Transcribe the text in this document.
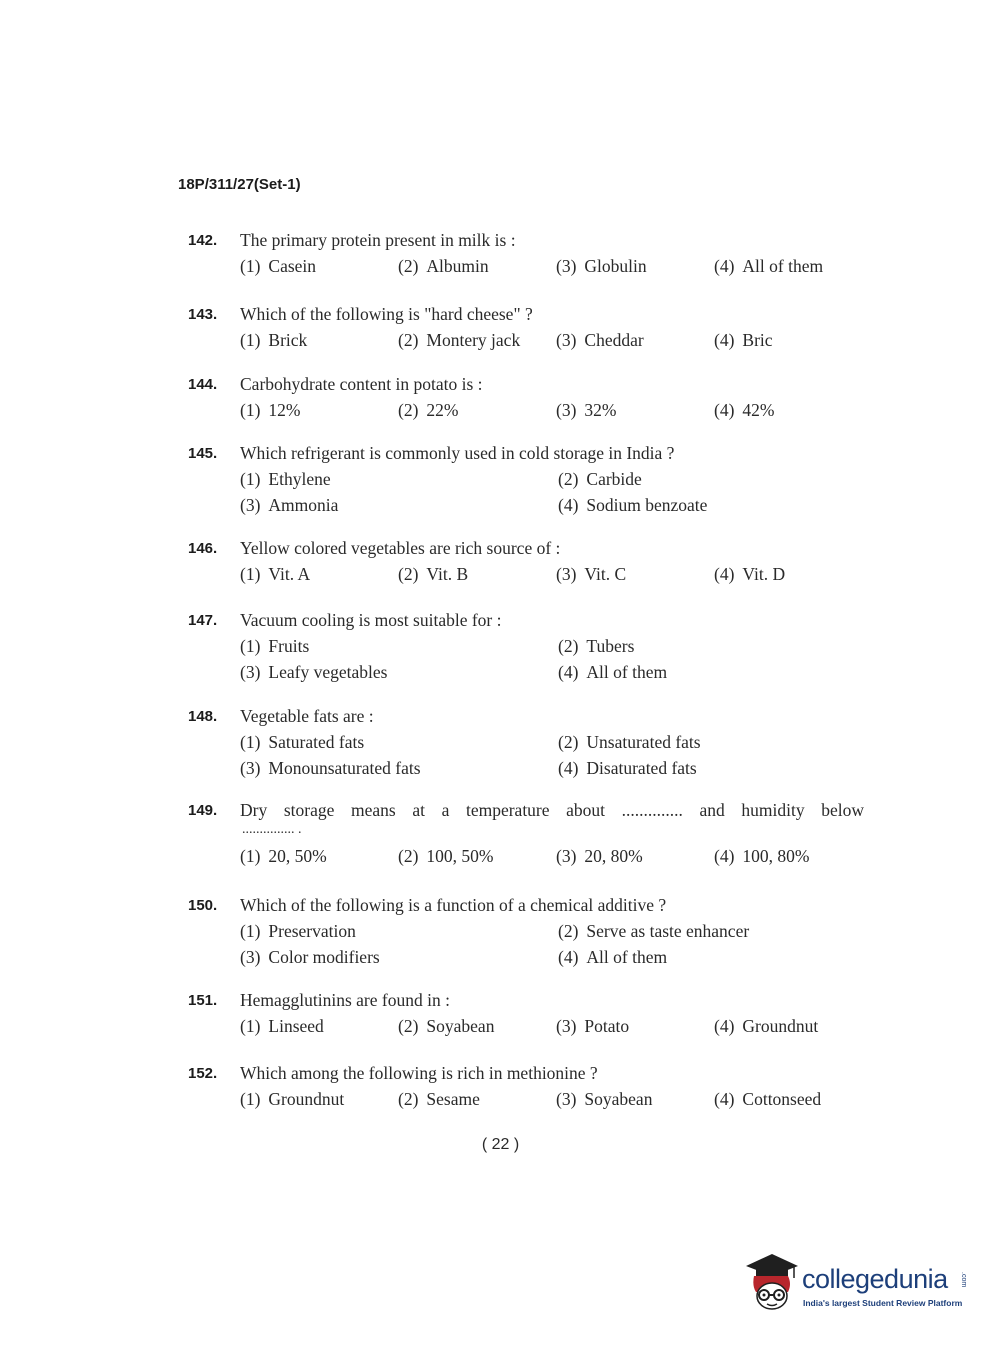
18P/311/27(Set-1)
142. The primary protein present in milk is :
(1) Casein	(2) Albumin	(3) Globulin	(4) All of them
143. Which of the following is "hard cheese" ?
(1) Brick	(2) Montery jack (3) Cheddar	(4) Bric
144. Carbohydrate content in potato is :
(1) 12%	(2) 22%	(3) 32%	(4) 42%
145. Which refrigerant is commonly used in cold storage in India ?
(1) Ethylene	(2) Carbide
(3) Ammonia	(4) Sodium benzoate
146. Yellow colored vegetables are rich source of :
(1) Vit. A	(2) Vit. B	(3) Vit. C	(4) Vit. D
147. Vacuum cooling is most suitable for :
(1) Fruits	(2) Tubers
(3) Leafy vegetables	(4) All of them
148. Vegetable fats are :
(1) Saturated fats	(2) Unsaturated fats
(3) Monounsaturated fats	(4) Disaturated fats
149. Dry storage means at a temperature about .............. and humidity below
............... .
(1) 20, 50%	(2) 100, 50%	(3) 20, 80%	(4) 100, 80%
150. Which of the following is a function of a chemical additive ?
(1) Preservation	(2) Serve as taste enhancer
(3) Color modifiers	(4) All of them
151. Hemagglutinins are found in :
(1) Linseed	(2) Soyabean	(3) Potato	(4) Groundnut
152. Which among the following is rich in methionine ?
(1) Groundnut	(2) Sesame	(3) Soyabean	(4) Cottonseed
( 22 )
collegedunia .com
India's largest Student Review Platform
